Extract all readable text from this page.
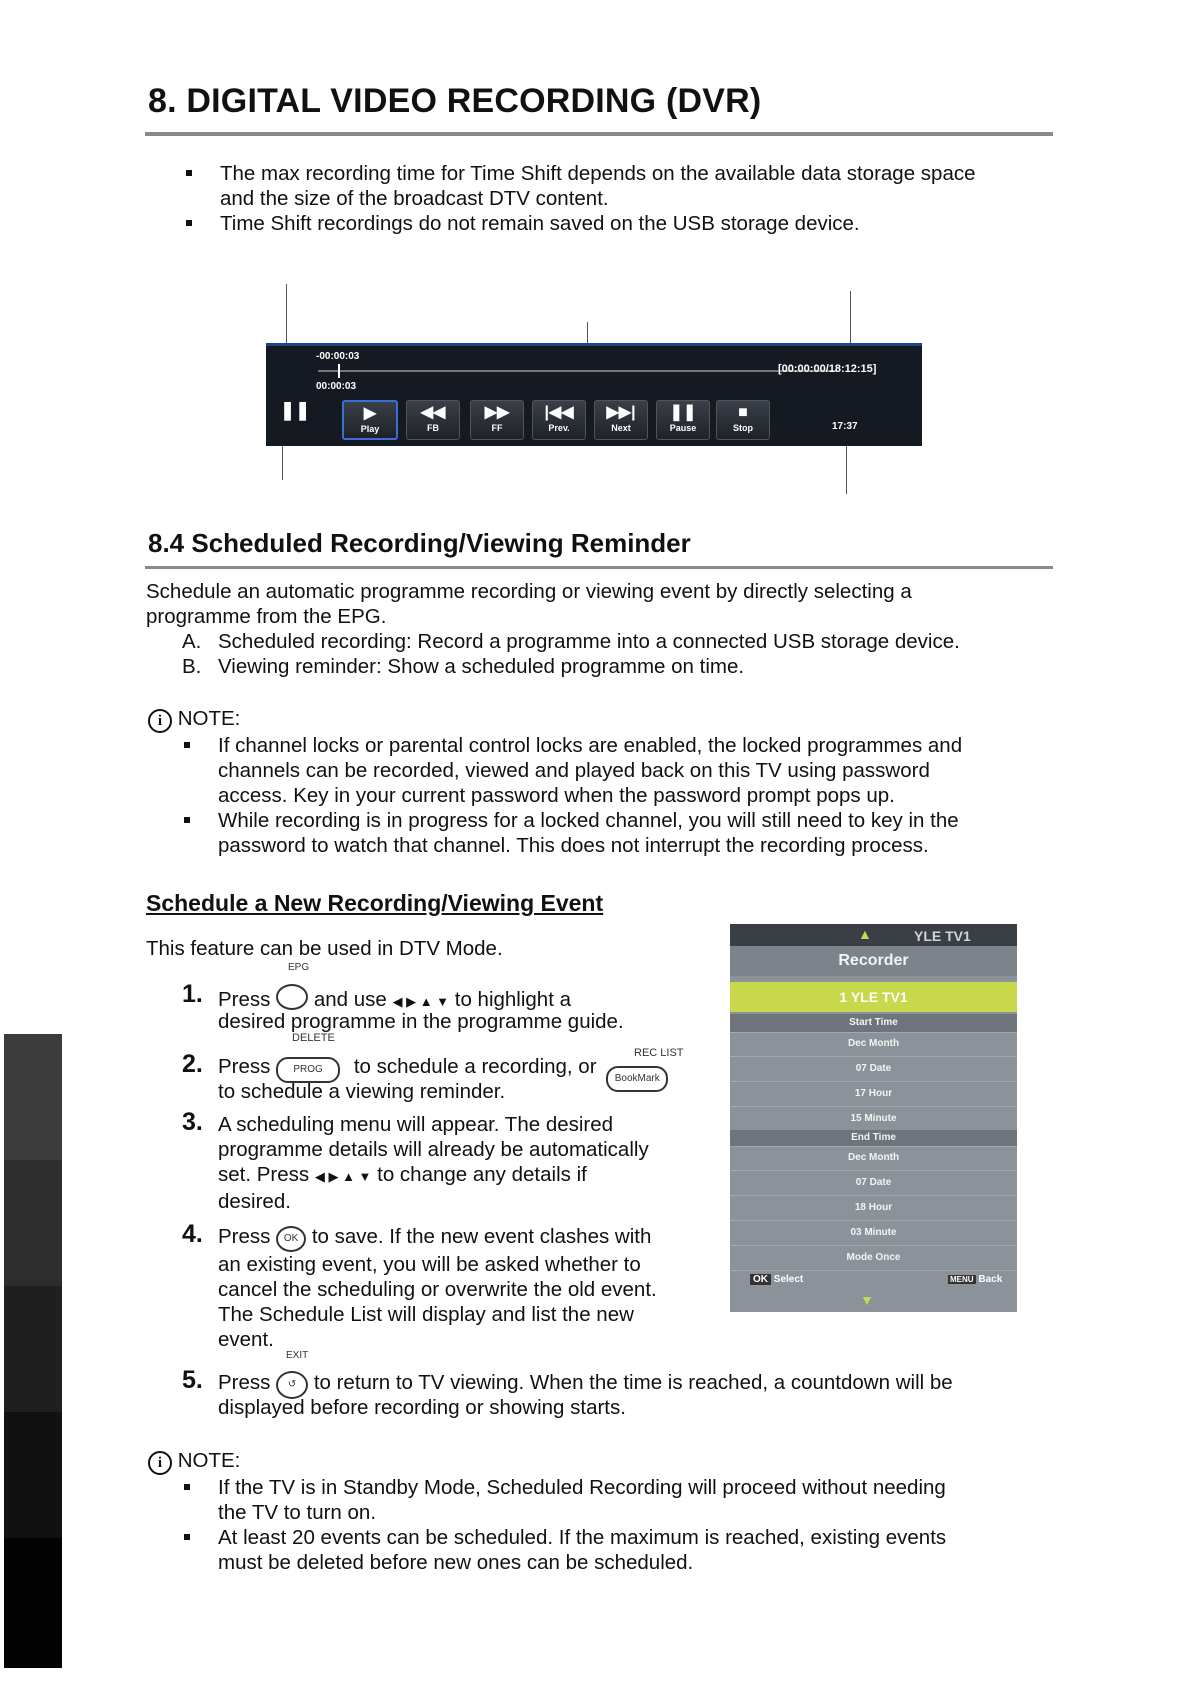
8. DIGITAL VIDEO RECORDING (DVR)
The max recording time for Time Shift depends on the available data storage space
and the size of the broadcast DTV content.
Time Shift recordings do not remain saved on the USB storage device.
-00:00:03
00:00:03
[00:00:00/18:12:15]
❚❚	▶
Play
◀◀
FB
▶▶
FF
|◀◀
Prev.
▶▶|
Next
❚❚
Pause
■
Stop	17:37
8.4 Scheduled Recording/Viewing Reminder
Schedule an automatic programme recording or viewing event by directly selecting a
programme from the EPG.
A. Scheduled recording: Record a programme into a connected USB storage device.
B. Viewing reminder: Show a scheduled programme on time.
i NOTE:
If channel locks or parental control locks are enabled, the locked programmes and
channels can be recorded, viewed and played back on this TV using password
access. Key in your current password when the password prompt pops up.
While recording is in progress for a locked channel, you will still need to key in the
password to watch that channel. This does not interrupt the recording process.
Schedule a New Recording/Viewing Event
This feature can be used in DTV Mode.
1. Press and use ◀ ▶ ▲ ▼ to highlight a
EPG
desired programme in the programme guide.
DELETE
REC LIST
2. Press PROG to schedule a recording, or BookMark
to schedule a viewing reminder.
3. A scheduling menu will appear. The desired
programme details will already be automatically
set. Press ◀ ▶ ▲ ▼ to change any details if
desired.
4. Press OK to save. If the new event clashes with
an existing event, you will be asked whether to
cancel the scheduling or overwrite the old event.
The Schedule List will display and list the new
event.
EXIT
5. Press ↺ to return to TV viewing. When the time is reached, a countdown will be
displayed before recording or showing starts.
YLE TV1
▲
Recorder
1 YLE TV1
Start Time
Dec Month
07 Date
17 Hour
15 Minute
End Time
Dec Month
07 Date
18 Hour
03 Minute
Mode Once
OK Select	MENU Back
▼
i NOTE:
If the TV is in Standby Mode, Scheduled Recording will proceed without needing
the TV to turn on.
At least 20 events can be scheduled. If the maximum is reached, existing events
must be deleted before new ones can be scheduled.
